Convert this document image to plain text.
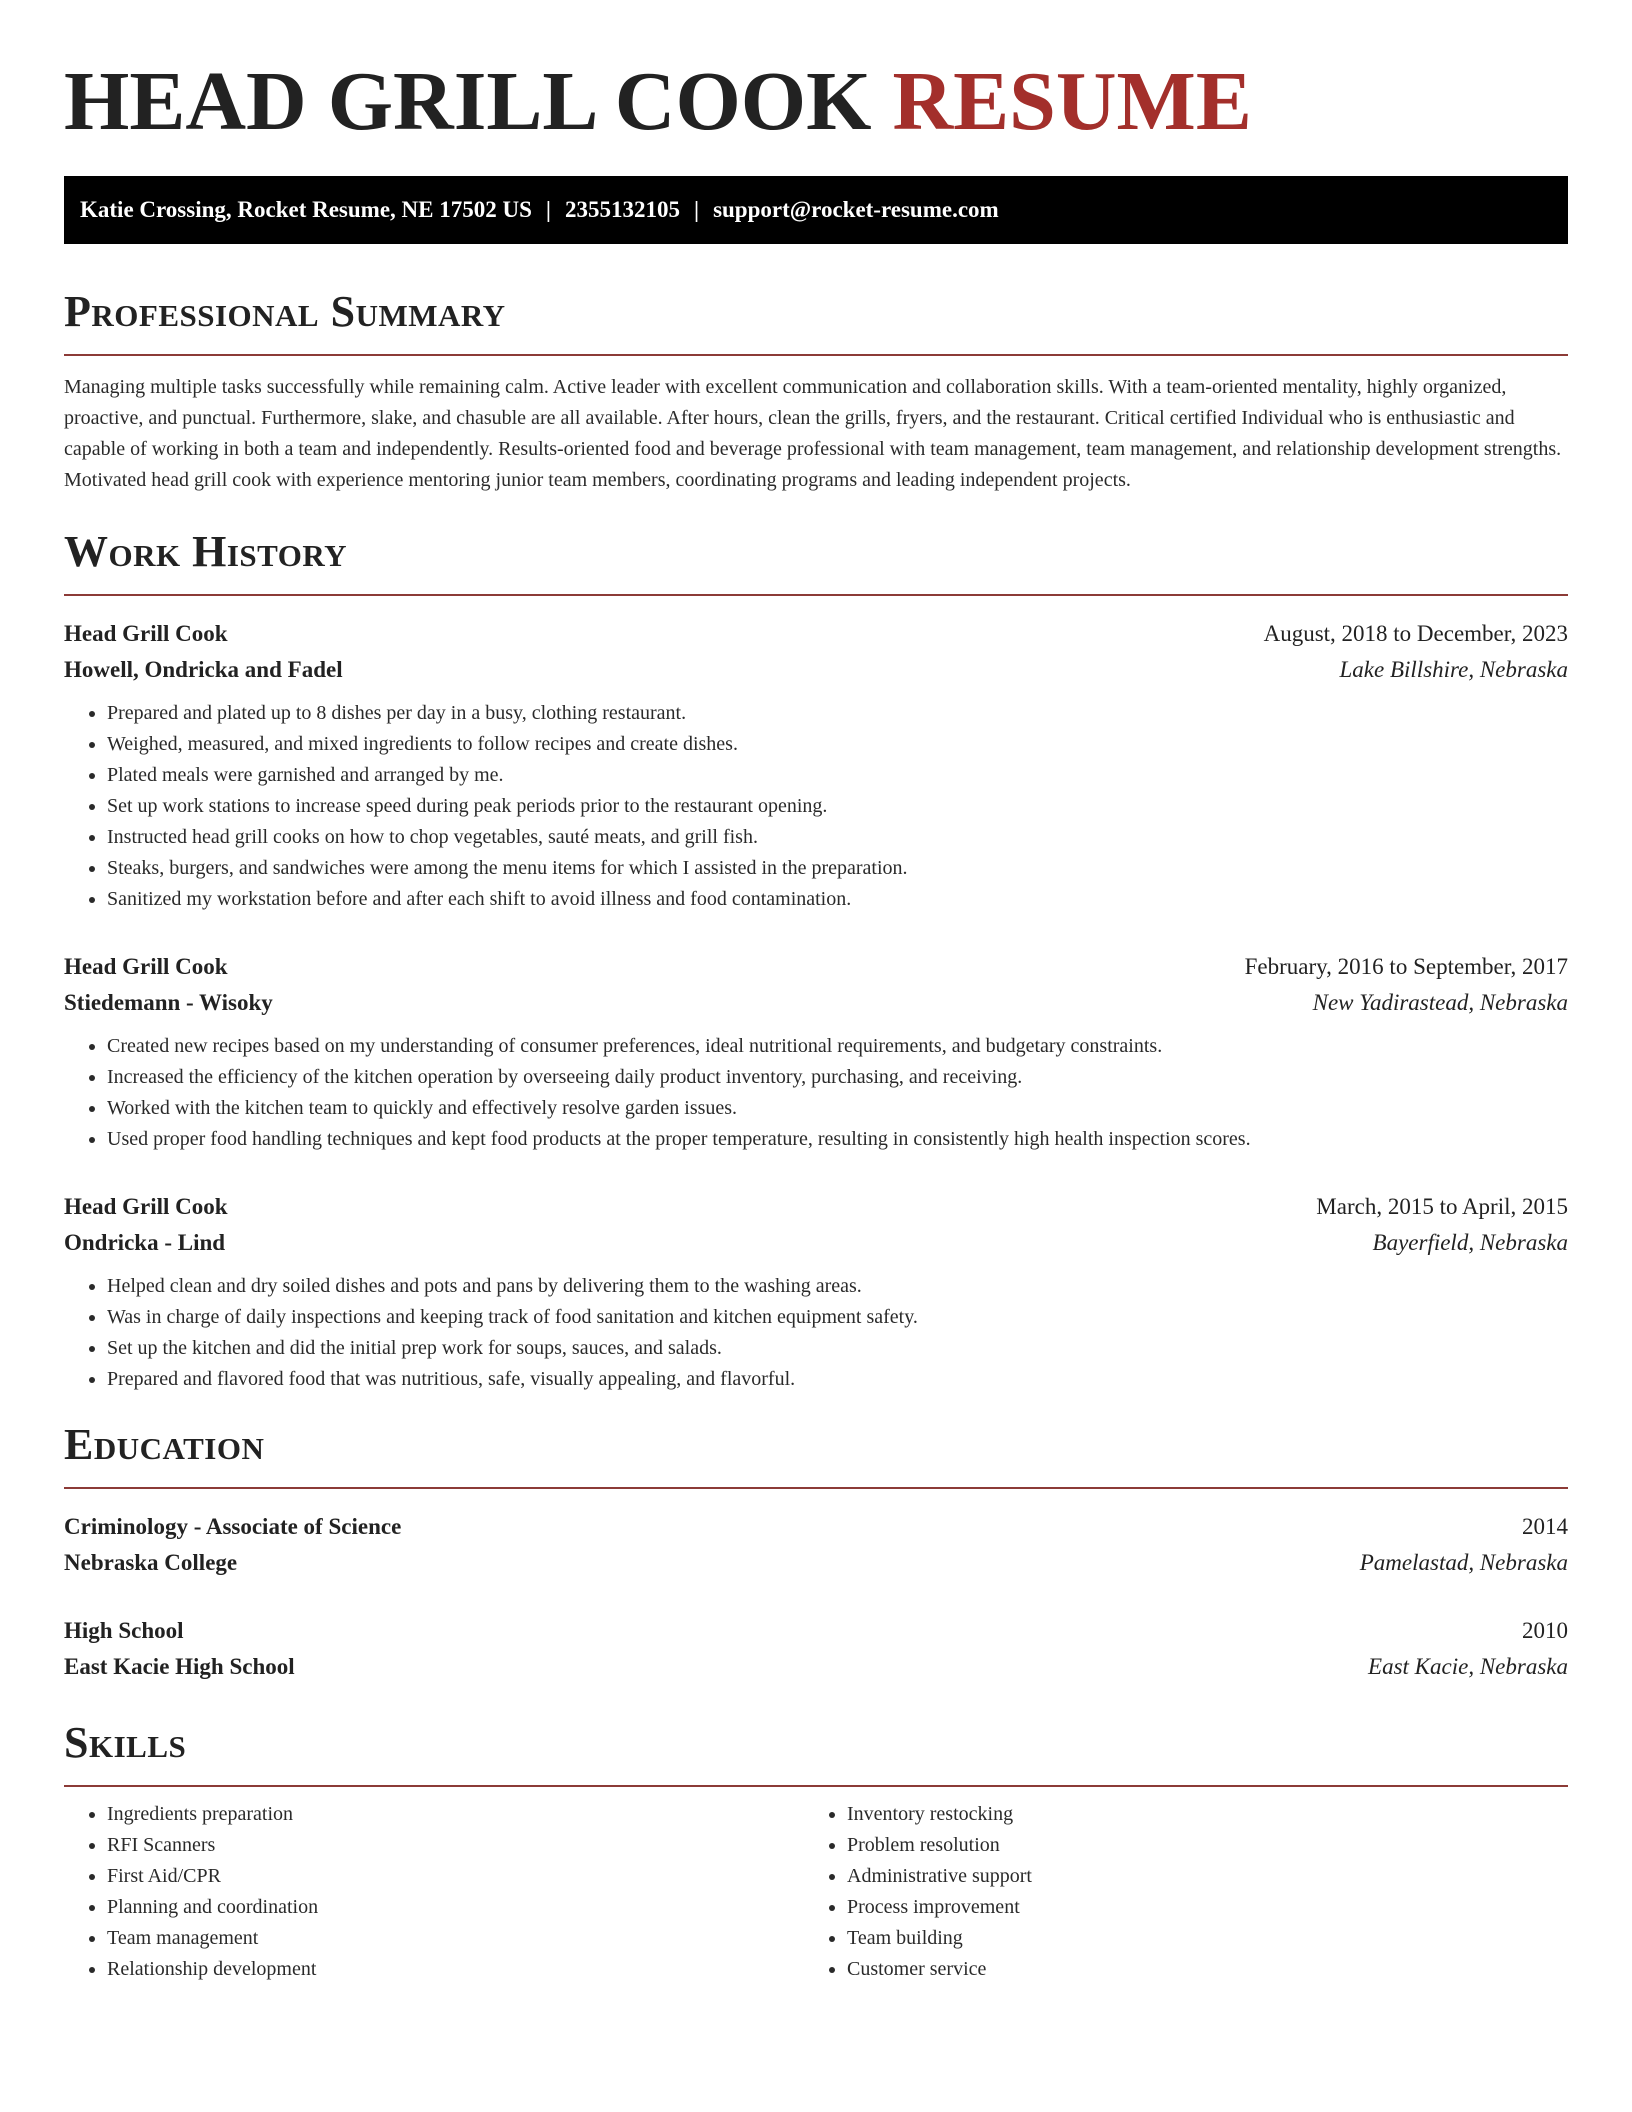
HEAD GRILL COOK RESUME
Katie Crossing, Rocket Resume, NE 17502 US | 2355132105 | support@rocket-resume.com
Professional Summary

Managing multiple tasks successfully while remaining calm. Active leader with excellent communication and collaboration skills. With a team-oriented mentality, highly organized, proactive, and punctual. Furthermore, slake, and chasuble are all available. After hours, clean the grills, fryers, and the restaurant. Critical certified Individual who is enthusiastic and capable of working in both a team and independently. Results-oriented food and beverage professional with team management, team management, and relationship development strengths. Motivated head grill cook with experience mentoring junior team members, coordinating programs and leading independent projects.

Work History
Head Grill Cook	August, 2018 to December, 2023
Howell, Ondricka and Fadel	Lake Billshire, Nebraska
• Prepared and plated up to 8 dishes per day in a busy, clothing restaurant.
• Weighed, measured, and mixed ingredients to follow recipes and create dishes.
• Plated meals were garnished and arranged by me.
• Set up work stations to increase speed during peak periods prior to the restaurant opening.
• Instructed head grill cooks on how to chop vegetables, sauté meats, and grill fish.
• Steaks, burgers, and sandwiches were among the menu items for which I assisted in the preparation.
• Sanitized my workstation before and after each shift to avoid illness and food contamination.
Head Grill Cook	February, 2016 to September, 2017
Stiedemann - Wisoky	New Yadirastead, Nebraska
• Created new recipes based on my understanding of consumer preferences, ideal nutritional requirements, and budgetary constraints.
• Increased the efficiency of the kitchen operation by overseeing daily product inventory, purchasing, and receiving.
• Worked with the kitchen team to quickly and effectively resolve garden issues.
• Used proper food handling techniques and kept food products at the proper temperature, resulting in consistently high health inspection scores.
Head Grill Cook	March, 2015 to April, 2015
Ondricka - Lind	Bayerfield, Nebraska
• Helped clean and dry soiled dishes and pots and pans by delivering them to the washing areas.
• Was in charge of daily inspections and keeping track of food sanitation and kitchen equipment safety.
• Set up the kitchen and did the initial prep work for soups, sauces, and salads.
• Prepared and flavored food that was nutritious, safe, visually appealing, and flavorful.
Education
Criminology - Associate of Science	2014
Nebraska College	Pamelastad, Nebraska
High School	2010
East Kacie High School	East Kacie, Nebraska
Skills
• Ingredients preparation
• RFI Scanners
• First Aid/CPR
• Planning and coordination
• Team management
• Relationship development
• Inventory restocking
• Problem resolution
• Administrative support
• Process improvement
• Team building
• Customer service
